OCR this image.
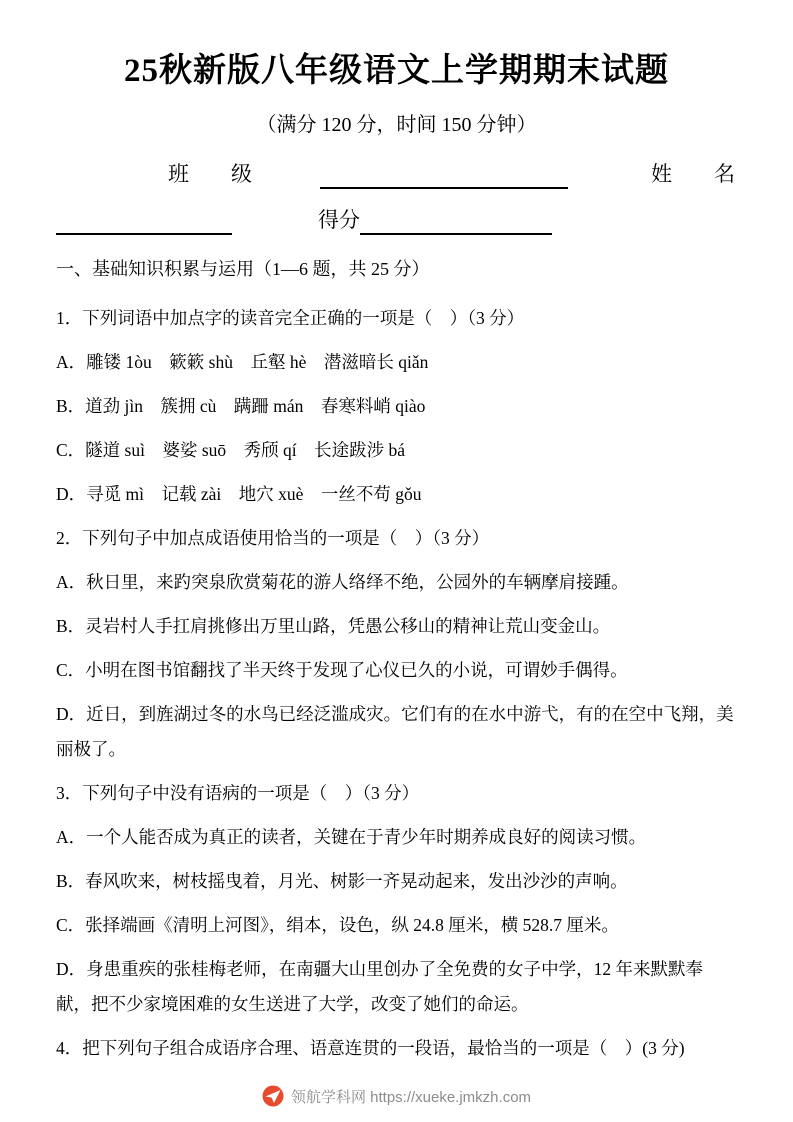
25秋新版八年级语文上学期期末试题
（满分 120 分，时间 150 分钟）
班　　级	姓　　名
得分

一、基础知识积累与运用（1—6 题，共 25 分）

1．下列词语中加点字的读音完全正确的一项是（　）（3 分）

A．雕镂 1òu　簌簌 shù　丘壑 hè　潜滋暗长 qiǎn

B．道劲 jìn　簇拥 cù　蹒跚 mán　春寒料峭 qiào

C．隧道 suì　婆娑 suō　秀颀 qí　长途跋涉 bá

D．寻觅 mì　记载 zài　地穴 xuè　一丝不苟 gǒu

2．下列句子中加点成语使用恰当的一项是（　）（3 分）

A．秋日里，来趵突泉欣赏菊花的游人络绎不绝，公园外的车辆摩肩接踵。

B．灵岩村人手扛肩挑修出万里山路，凭愚公移山的精神让荒山变金山。

C．小明在图书馆翻找了半天终于发现了心仪已久的小说，可谓妙手偶得。

D．近日，到旌湖过冬的水鸟已经泛滥成灾。它们有的在水中游弋，有的在空中飞翔，美丽极了。

3．下列句子中没有语病的一项是（　）（3 分）

A．一个人能否成为真正的读者，关键在于青少年时期养成良好的阅读习惯。

B．春风吹来，树枝摇曳着，月光、树影一齐晃动起来，发出沙沙的声响。

C．张择端画《清明上河图》，绢本，设色，纵 24.8 厘米，横 528.7 厘米。

D．身患重疾的张桂梅老师，在南疆大山里创办了全免费的女子中学，12 年来默默奉献，把不少家境困难的女生送进了大学，改变了她们的命运。

4．把下列句子组合成语序合理、语意连贯的一段语，最恰当的一项是（　）(3 分)

领航学科网 https://xueke.jmkzh.com
